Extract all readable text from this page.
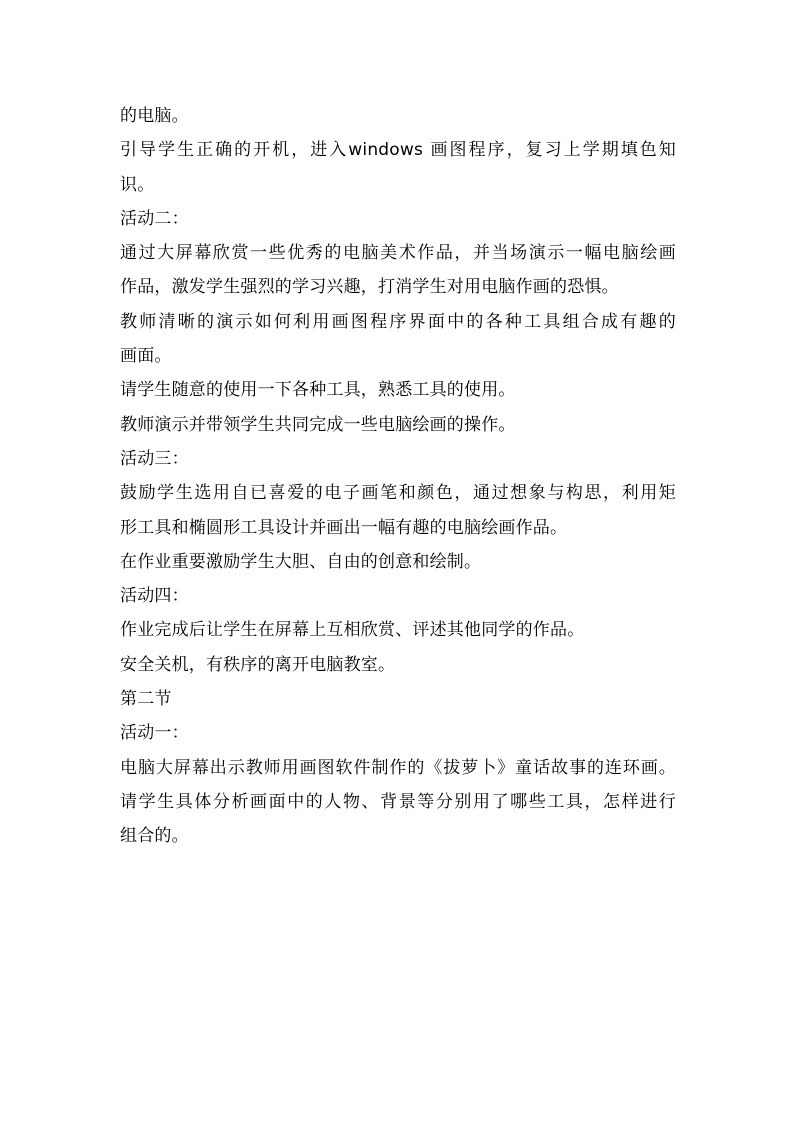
的电脑。

引导学生正确的开机，进入windows 画图程序，复习上学期填色知

识。

活动二：

通过大屏幕欣赏一些优秀的电脑美术作品，并当场演示一幅电脑绘画

作品，激发学生强烈的学习兴趣，打消学生对用电脑作画的恐惧。

教师清晰的演示如何利用画图程序界面中的各种工具组合成有趣的

画面。

请学生随意的使用一下各种工具，熟悉工具的使用。

教师演示并带领学生共同完成一些电脑绘画的操作。

活动三：

鼓励学生选用自已喜爱的电子画笔和颜色，通过想象与构思，利用矩

形工具和椭圆形工具设计并画出一幅有趣的电脑绘画作品。

在作业重要激励学生大胆、自由的创意和绘制。

活动四：

作业完成后让学生在屏幕上互相欣赏、评述其他同学的作品。

安全关机，有秩序的离开电脑教室。

第二节

活动一：

电脑大屏幕出示教师用画图软件制作的《拔萝卜》童话故事的连环画。

请学生具体分析画面中的人物、背景等分别用了哪些工具，怎样进行

组合的。
